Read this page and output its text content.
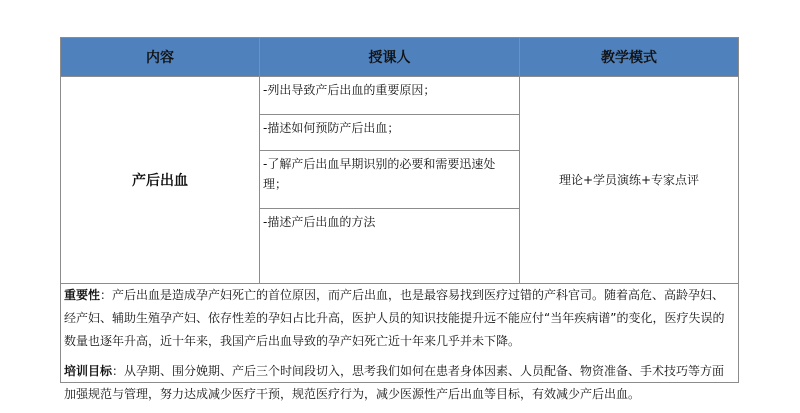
内容	授课人	教学模式
产后出血
-列出导致产后出血的重要原因；
-描述如何预防产后出血；
-了解产后出血早期识别的必要和需要迅速处理；
-描述产后出血的方法
理论+学员演练+专家点评

重要性：产后出血是造成孕产妇死亡的首位原因，而产后出血，也是最容易找到医疗过错的产科官司。随着高危、高龄孕妇、经产妇、辅助生殖孕产妇、依存性差的孕妇占比升高，医护人员的知识技能提升远不能应付“当年疾病谱”的变化，医疗失误的数量也逐年升高，近十年来，我国产后出血导致的孕产妇死亡近十年来几乎并未下降。

培训目标：从孕期、围分娩期、产后三个时间段切入，思考我们如何在患者身体因素、人员配备、物资准备、手术技巧等方面加强规范与管理，努力达成减少医疗干预，规范医疗行为，减少医源性产后出血等目标，有效减少产后出血。
